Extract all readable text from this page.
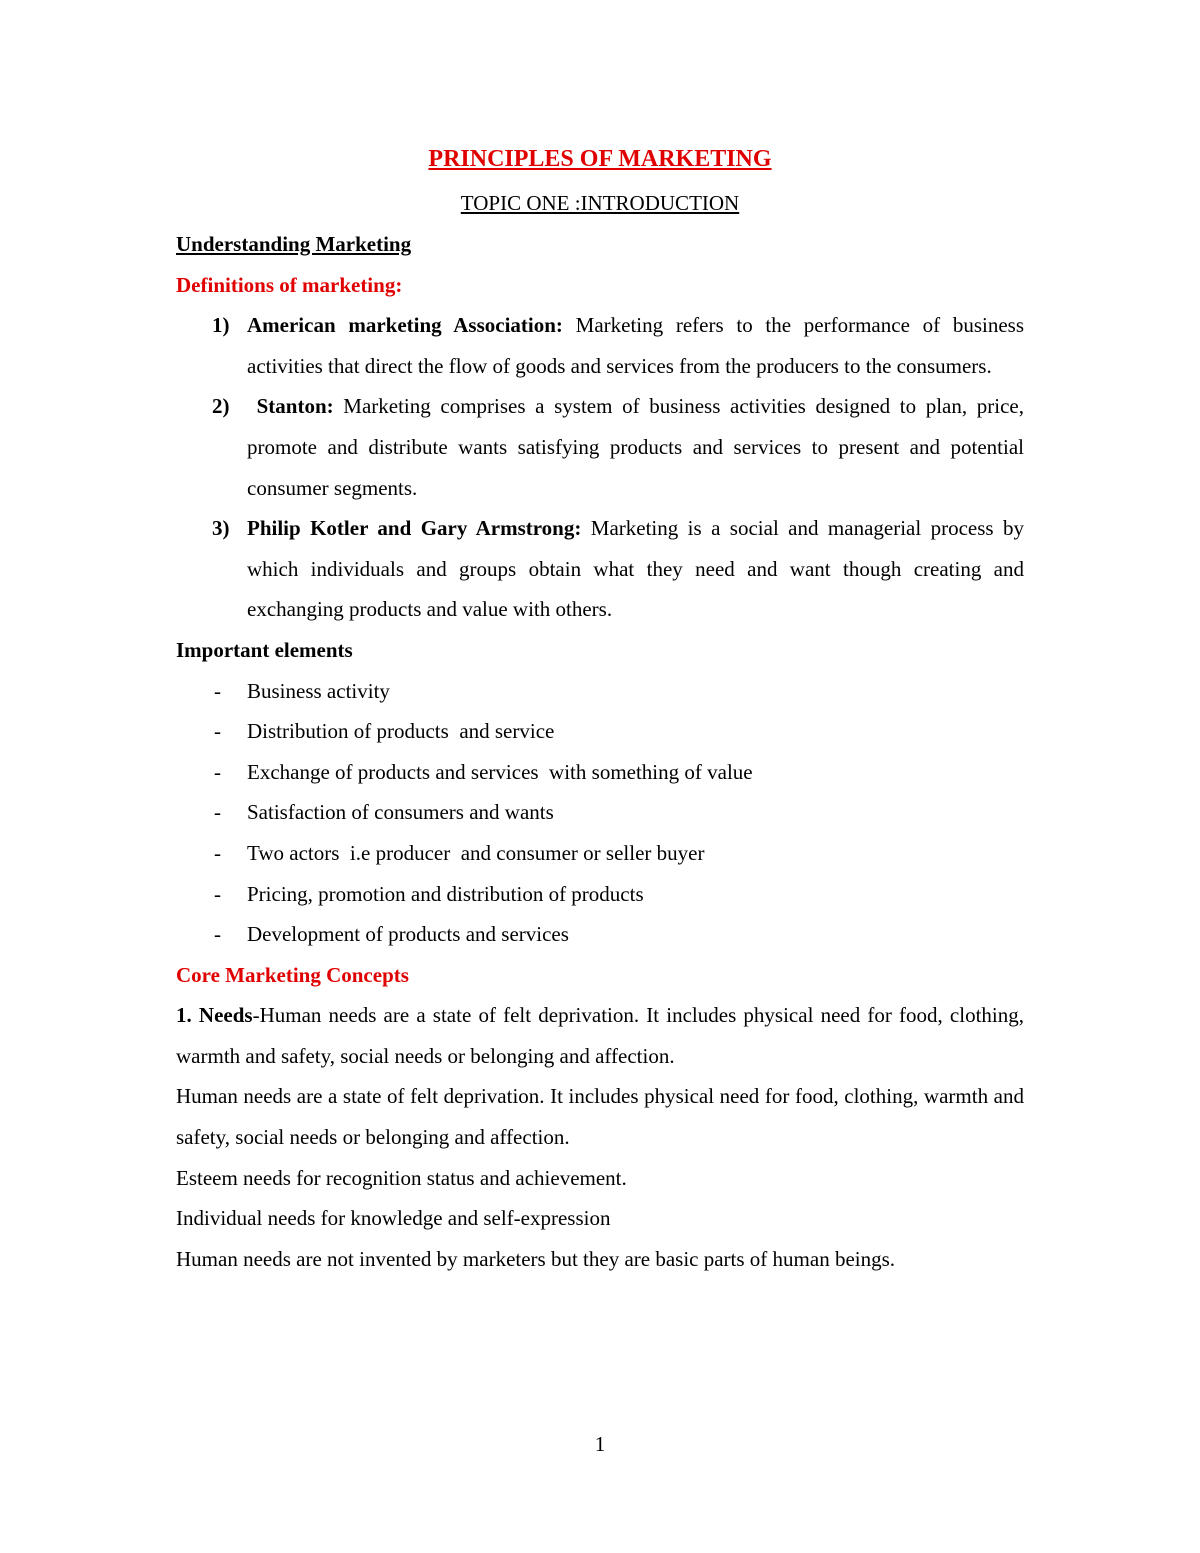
PRINCIPLES OF MARKETING
TOPIC ONE :INTRODUCTION
Understanding Marketing
Definitions of marketing:
1) American marketing Association: Marketing refers to the performance of business activities that direct the flow of goods and services from the producers to the consumers.
2) Stanton: Marketing comprises a system of business activities designed to plan, price, promote and distribute wants satisfying products and services to present and potential consumer segments.
3) Philip Kotler and Gary Armstrong: Marketing is a social and managerial process by which individuals and groups obtain what they need and want though creating and exchanging products and value with others.
Important elements
- Business activity
- Distribution of products  and service
- Exchange of products and services  with something of value
- Satisfaction of consumers and wants
- Two actors  i.e producer  and consumer or seller buyer
- Pricing, promotion and distribution of products
- Development of products and services
Core Marketing Concepts
1. Needs-Human needs are a state of felt deprivation. It includes physical need for food, clothing, warmth and safety, social needs or belonging and affection.
Human needs are a state of felt deprivation. It includes physical need for food, clothing, warmth and safety, social needs or belonging and affection.
Esteem needs for recognition status and achievement.
Individual needs for knowledge and self-expression
Human needs are not invented by marketers but they are basic parts of human beings.
1
